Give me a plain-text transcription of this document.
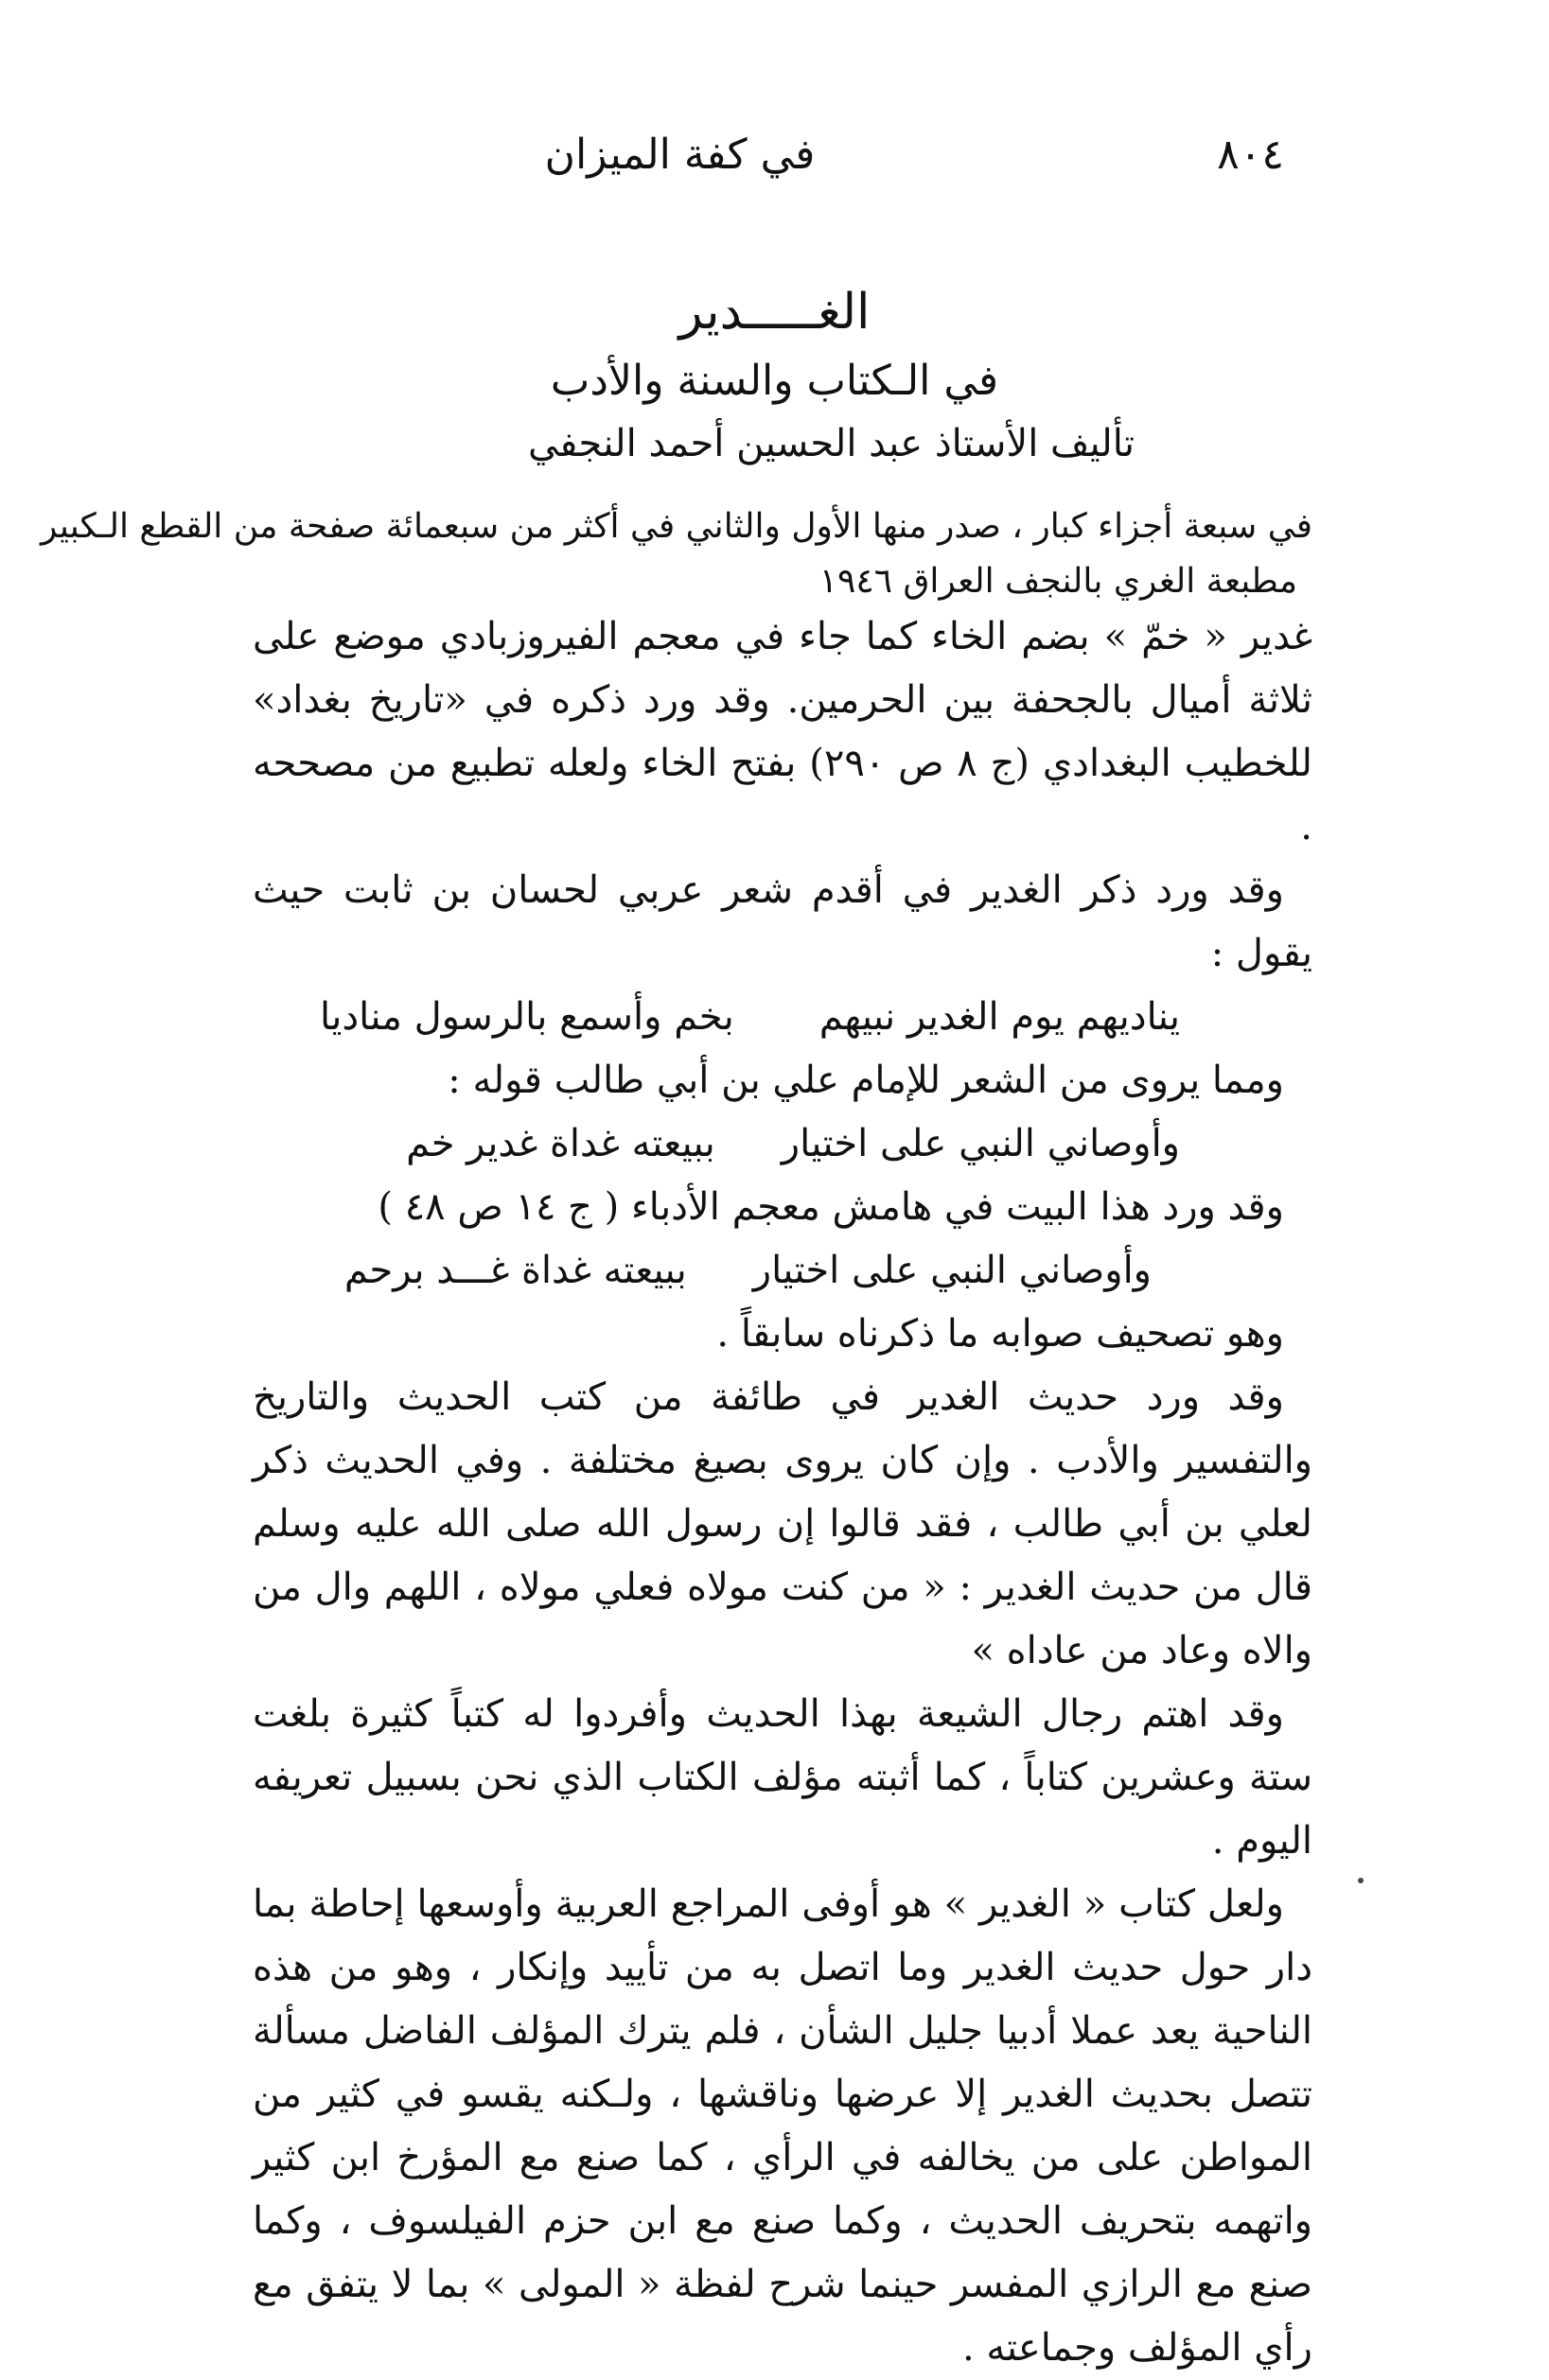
٨٠٤
في كفة الميزان
الغـــــدير
في الـكتاب والسنة والأدب
تأليف الأستاذ عبد الحسين أحمد النجفي
في سبعة أجزاء كبار ، صدر منها الأول والثاني في أكثر من سبعمائة صفحة من القطع الـكبير
مطبعة الغري بالنجف العراق ١٩٤٦

غدير « خمّ » بضم الخاء كما جاء في معجم الفيروزبادي موضع على ثلاثة أميال بالجحفة بين الحرمين. وقد ورد ذكره في «تاريخ بغداد» للخطيب البغدادي (ج ٨ ص ٢٩٠) بفتح الخاء ولعله تطبيع من مصححه .

وقد ورد ذكر الغدير في أقدم شعر عربي لحسان بن ثابت حيث يقول :

يناديهم يوم الغدير نبيهم
بخم وأسمع بالرسول مناديا

ومما يروى من الشعر للإمام علي بن أبي طالب قوله :

وأوصاني النبي على اختيار
ببيعته غداة غدير خم

وقد ورد هذا البيت في هامش معجم الأدباء ( ج ١٤ ص ٤٨ )

وأوصاني النبي على اختيار
ببيعته غداة غـــد برحم

وهو تصحيف صوابه ما ذكرناه سابقاً .

وقد ورد حديث الغدير في طائفة من كتب الحديث والتاريخ والتفسير والأدب . وإن كان يروى بصيغ مختلفة . وفي الحديث ذكر لعلي بن أبي طالب ، فقد قالوا إن رسول الله صلى الله عليه وسلم قال من حديث الغدير : « من كنت مولاه فعلي مولاه ، اللهم وال من والاه وعاد من عاداه »

وقد اهتم رجال الشيعة بهذا الحديث وأفردوا له كتباً كثيرة بلغت ستة وعشرين كتاباً ، كما أثبته مؤلف الكتاب الذي نحن بسبيل تعريفه اليوم .

ولعل كتاب « الغدير » هو أوفى المراجع العربية وأوسعها إحاطة بما دار حول حديث الغدير وما اتصل به من تأييد وإنكار ، وهو من هذه الناحية يعد عملا أدبيا جليل الشأن ، فلم يترك المؤلف الفاضل مسألة تتصل بحديث الغدير إلا عرضها وناقشها ، ولـكنه يقسو في كثير من المواطن على من يخالفه في الرأي ، كما صنع مع المؤرخ ابن كثير واتهمه بتحريف الحديث ، وكما صنع مع ابن حزم الفيلسوف ، وكما صنع مع الرازي المفسر حينما شرح لفظة « المولى » بما لا يتفق مع رأي المؤلف وجماعته .
